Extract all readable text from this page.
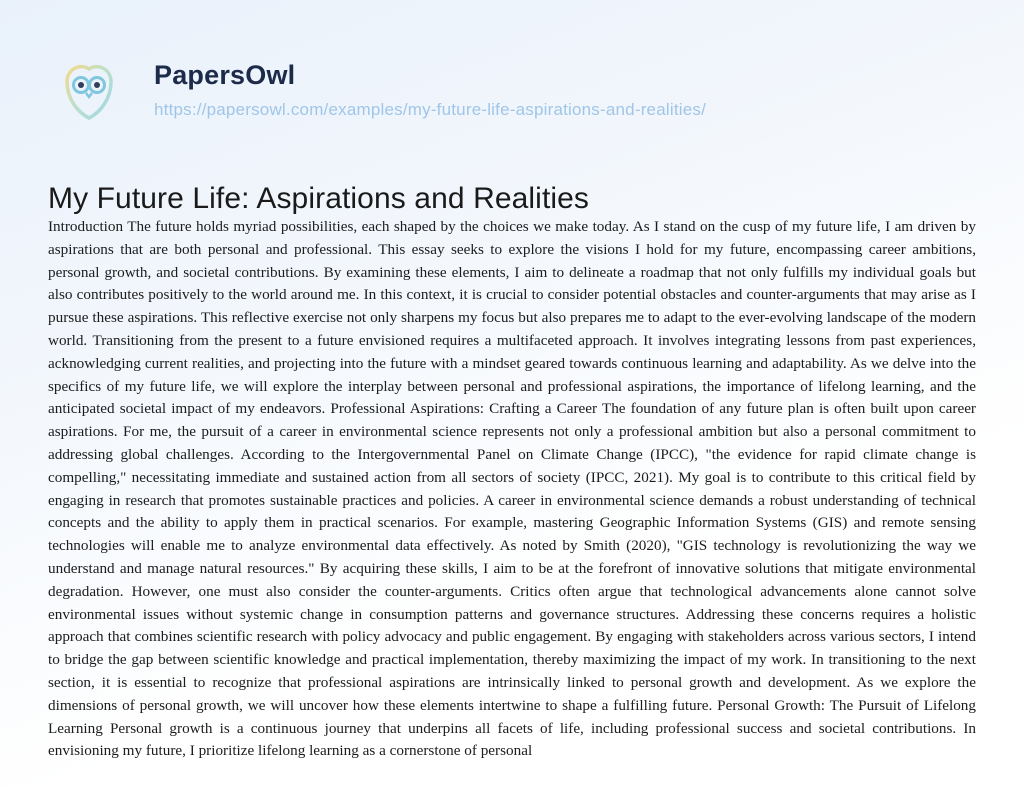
PapersOwl
https://papersowl.com/examples/my-future-life-aspirations-and-realities/
My Future Life: Aspirations and Realities
Introduction The future holds myriad possibilities, each shaped by the choices we make today. As I stand on the cusp of my future life, I am driven by aspirations that are both personal and professional. This essay seeks to explore the visions I hold for my future, encompassing career ambitions, personal growth, and societal contributions. By examining these elements, I aim to delineate a roadmap that not only fulfills my individual goals but also contributes positively to the world around me. In this context, it is crucial to consider potential obstacles and counter-arguments that may arise as I pursue these aspirations. This reflective exercise not only sharpens my focus but also prepares me to adapt to the ever-evolving landscape of the modern world. Transitioning from the present to a future envisioned requires a multifaceted approach. It involves integrating lessons from past experiences, acknowledging current realities, and projecting into the future with a mindset geared towards continuous learning and adaptability. As we delve into the specifics of my future life, we will explore the interplay between personal and professional aspirations, the importance of lifelong learning, and the anticipated societal impact of my endeavors. Professional Aspirations: Crafting a Career The foundation of any future plan is often built upon career aspirations. For me, the pursuit of a career in environmental science represents not only a professional ambition but also a personal commitment to addressing global challenges. According to the Intergovernmental Panel on Climate Change (IPCC), "the evidence for rapid climate change is compelling," necessitating immediate and sustained action from all sectors of society (IPCC, 2021). My goal is to contribute to this critical field by engaging in research that promotes sustainable practices and policies. A career in environmental science demands a robust understanding of technical concepts and the ability to apply them in practical scenarios. For example, mastering Geographic Information Systems (GIS) and remote sensing technologies will enable me to analyze environmental data effectively. As noted by Smith (2020), "GIS technology is revolutionizing the way we understand and manage natural resources." By acquiring these skills, I aim to be at the forefront of innovative solutions that mitigate environmental degradation. However, one must also consider the counter-arguments. Critics often argue that technological advancements alone cannot solve environmental issues without systemic change in consumption patterns and governance structures. Addressing these concerns requires a holistic approach that combines scientific research with policy advocacy and public engagement. By engaging with stakeholders across various sectors, I intend to bridge the gap between scientific knowledge and practical implementation, thereby maximizing the impact of my work. In transitioning to the next section, it is essential to recognize that professional aspirations are intrinsically linked to personal growth and development. As we explore the dimensions of personal growth, we will uncover how these elements intertwine to shape a fulfilling future. Personal Growth: The Pursuit of Lifelong Learning Personal growth is a continuous journey that underpins all facets of life, including professional success and societal contributions. In envisioning my future, I prioritize lifelong learning as a cornerstone of personal
